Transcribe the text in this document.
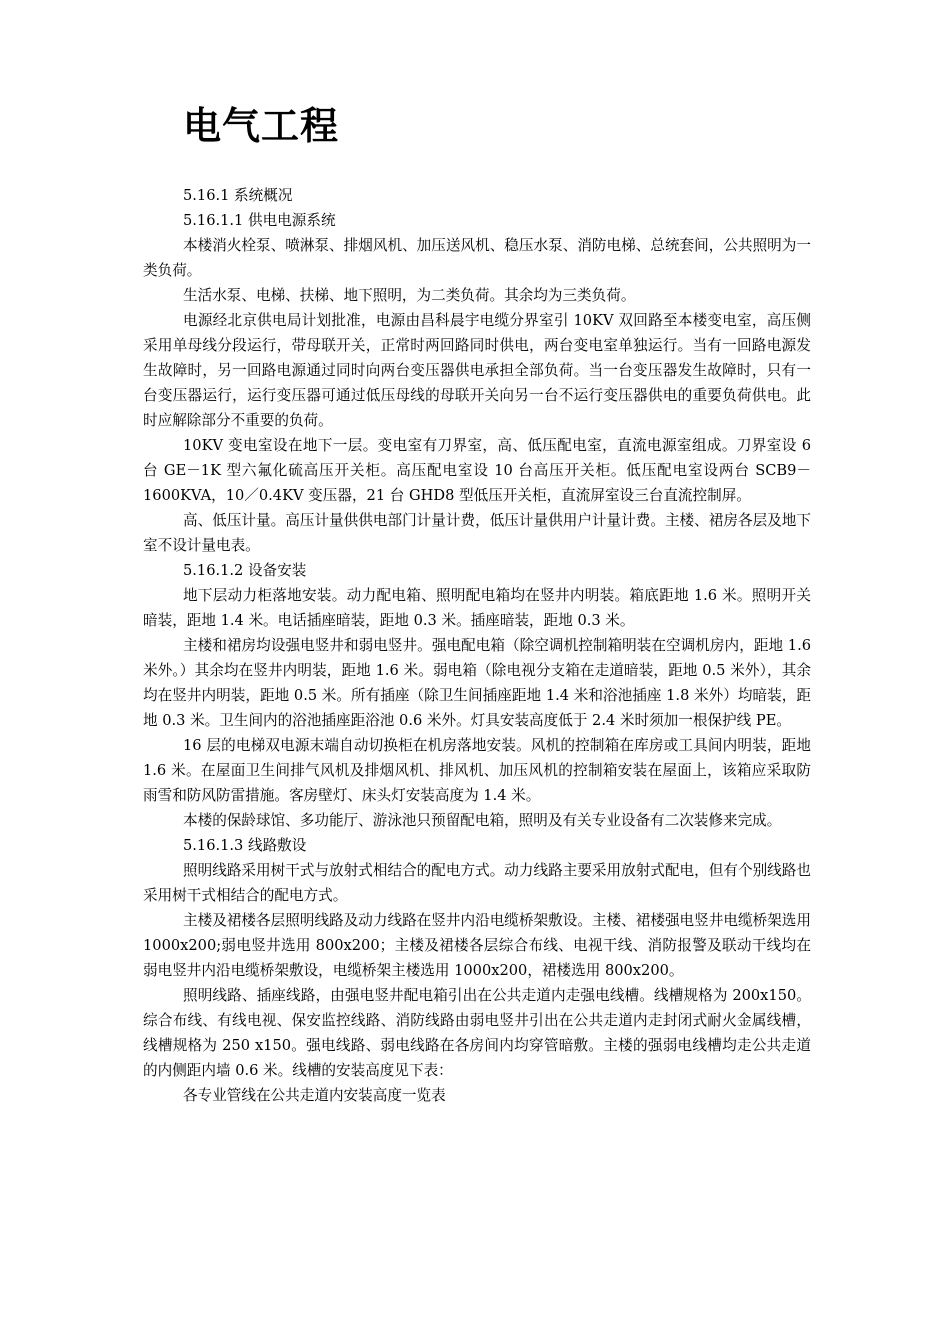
电气工程
5.16.1 系统概况
5.16.1.1 供电电源系统
本楼消火栓泵、喷淋泵、排烟风机、加压送风机、稳压水泵、消防电梯、总统套间，公共照明为一类负荷。
生活水泵、电梯、扶梯、地下照明，为二类负荷。其余均为三类负荷。
电源经北京供电局计划批准，电源由昌科晨宇电缆分界室引 10KV 双回路至本楼变电室，高压侧采用单母线分段运行，带母联开关，正常时两回路同时供电，两台变电室单独运行。当有一回路电源发生故障时，另一回路电源通过同时向两台变压器供电承担全部负荷。当一台变压器发生故障时，只有一台变压器运行，运行变压器可通过低压母线的母联开关向另一台不运行变压器供电的重要负荷供电。此时应解除部分不重要的负荷。
10KV 变电室设在地下一层。变电室有刀界室，高、低压配电室，直流电源室组成。刀界室设 6 台 GE－1K 型六氟化硫高压开关柜。高压配电室设 10 台高压开关柜。低压配电室设两台 SCB9－1600KVA，10／0.4KV 变压器，21 台 GHD8 型低压开关柜，直流屏室设三台直流控制屏。
高、低压计量。高压计量供供电部门计量计费，低压计量供用户计量计费。主楼、裙房各层及地下室不设计量电表。
5.16.1.2 设备安装
地下层动力柜落地安装。动力配电箱、照明配电箱均在竖井内明装。箱底距地 1.6 米。照明开关暗装，距地 1.4 米。电话插座暗装，距地 0.3 米。插座暗装，距地 0.3 米。
主楼和裙房均设强电竖井和弱电竖井。强电配电箱（除空调机控制箱明装在空调机房内，距地 1.6 米外。）其余均在竖井内明装，距地 1.6 米。弱电箱（除电视分支箱在走道暗装，距地 0.5 米外），其余均在竖井内明装，距地 0.5 米。所有插座（除卫生间插座距地 1.4 米和浴池插座 1.8 米外）均暗装，距地 0.3 米。卫生间内的浴池插座距浴池 0.6 米外。灯具安装高度低于 2.4 米时须加一根保护线 PE。
16 层的电梯双电源末端自动切换柜在机房落地安装。风机的控制箱在库房或工具间内明装，距地 1.6 米。在屋面卫生间排气风机及排烟风机、排风机、加压风机的控制箱安装在屋面上，该箱应采取防雨雪和防风防雷措施。客房壁灯、床头灯安装高度为 1.4 米。
本楼的保龄球馆、多功能厅、游泳池只预留配电箱，照明及有关专业设备有二次装修来完成。
5.16.1.3 线路敷设
照明线路采用树干式与放射式相结合的配电方式。动力线路主要采用放射式配电，但有个别线路也采用树干式相结合的配电方式。
主楼及裙楼各层照明线路及动力线路在竖井内沿电缆桥架敷设。主楼、裙楼强电竖井电缆桥架选用 1000x200;弱电竖井选用 800x200；主楼及裙楼各层综合布线、电视干线、消防报警及联动干线均在弱电竖井内沿电缆桥架敷设，电缆桥架主楼选用 1000x200，裙楼选用 800x200。
照明线路、插座线路，由强电竖井配电箱引出在公共走道内走强电线槽。线槽规格为 200x150。综合布线、有线电视、保安监控线路、消防线路由弱电竖井引出在公共走道内走封闭式耐火金属线槽，线槽规格为 250 x150。强电线路、弱电线路在各房间内均穿管暗敷。主楼的强弱电线槽均走公共走道的内侧距内墙 0.6 米。线槽的安装高度见下表：
各专业管线在公共走道内安装高度一览表
